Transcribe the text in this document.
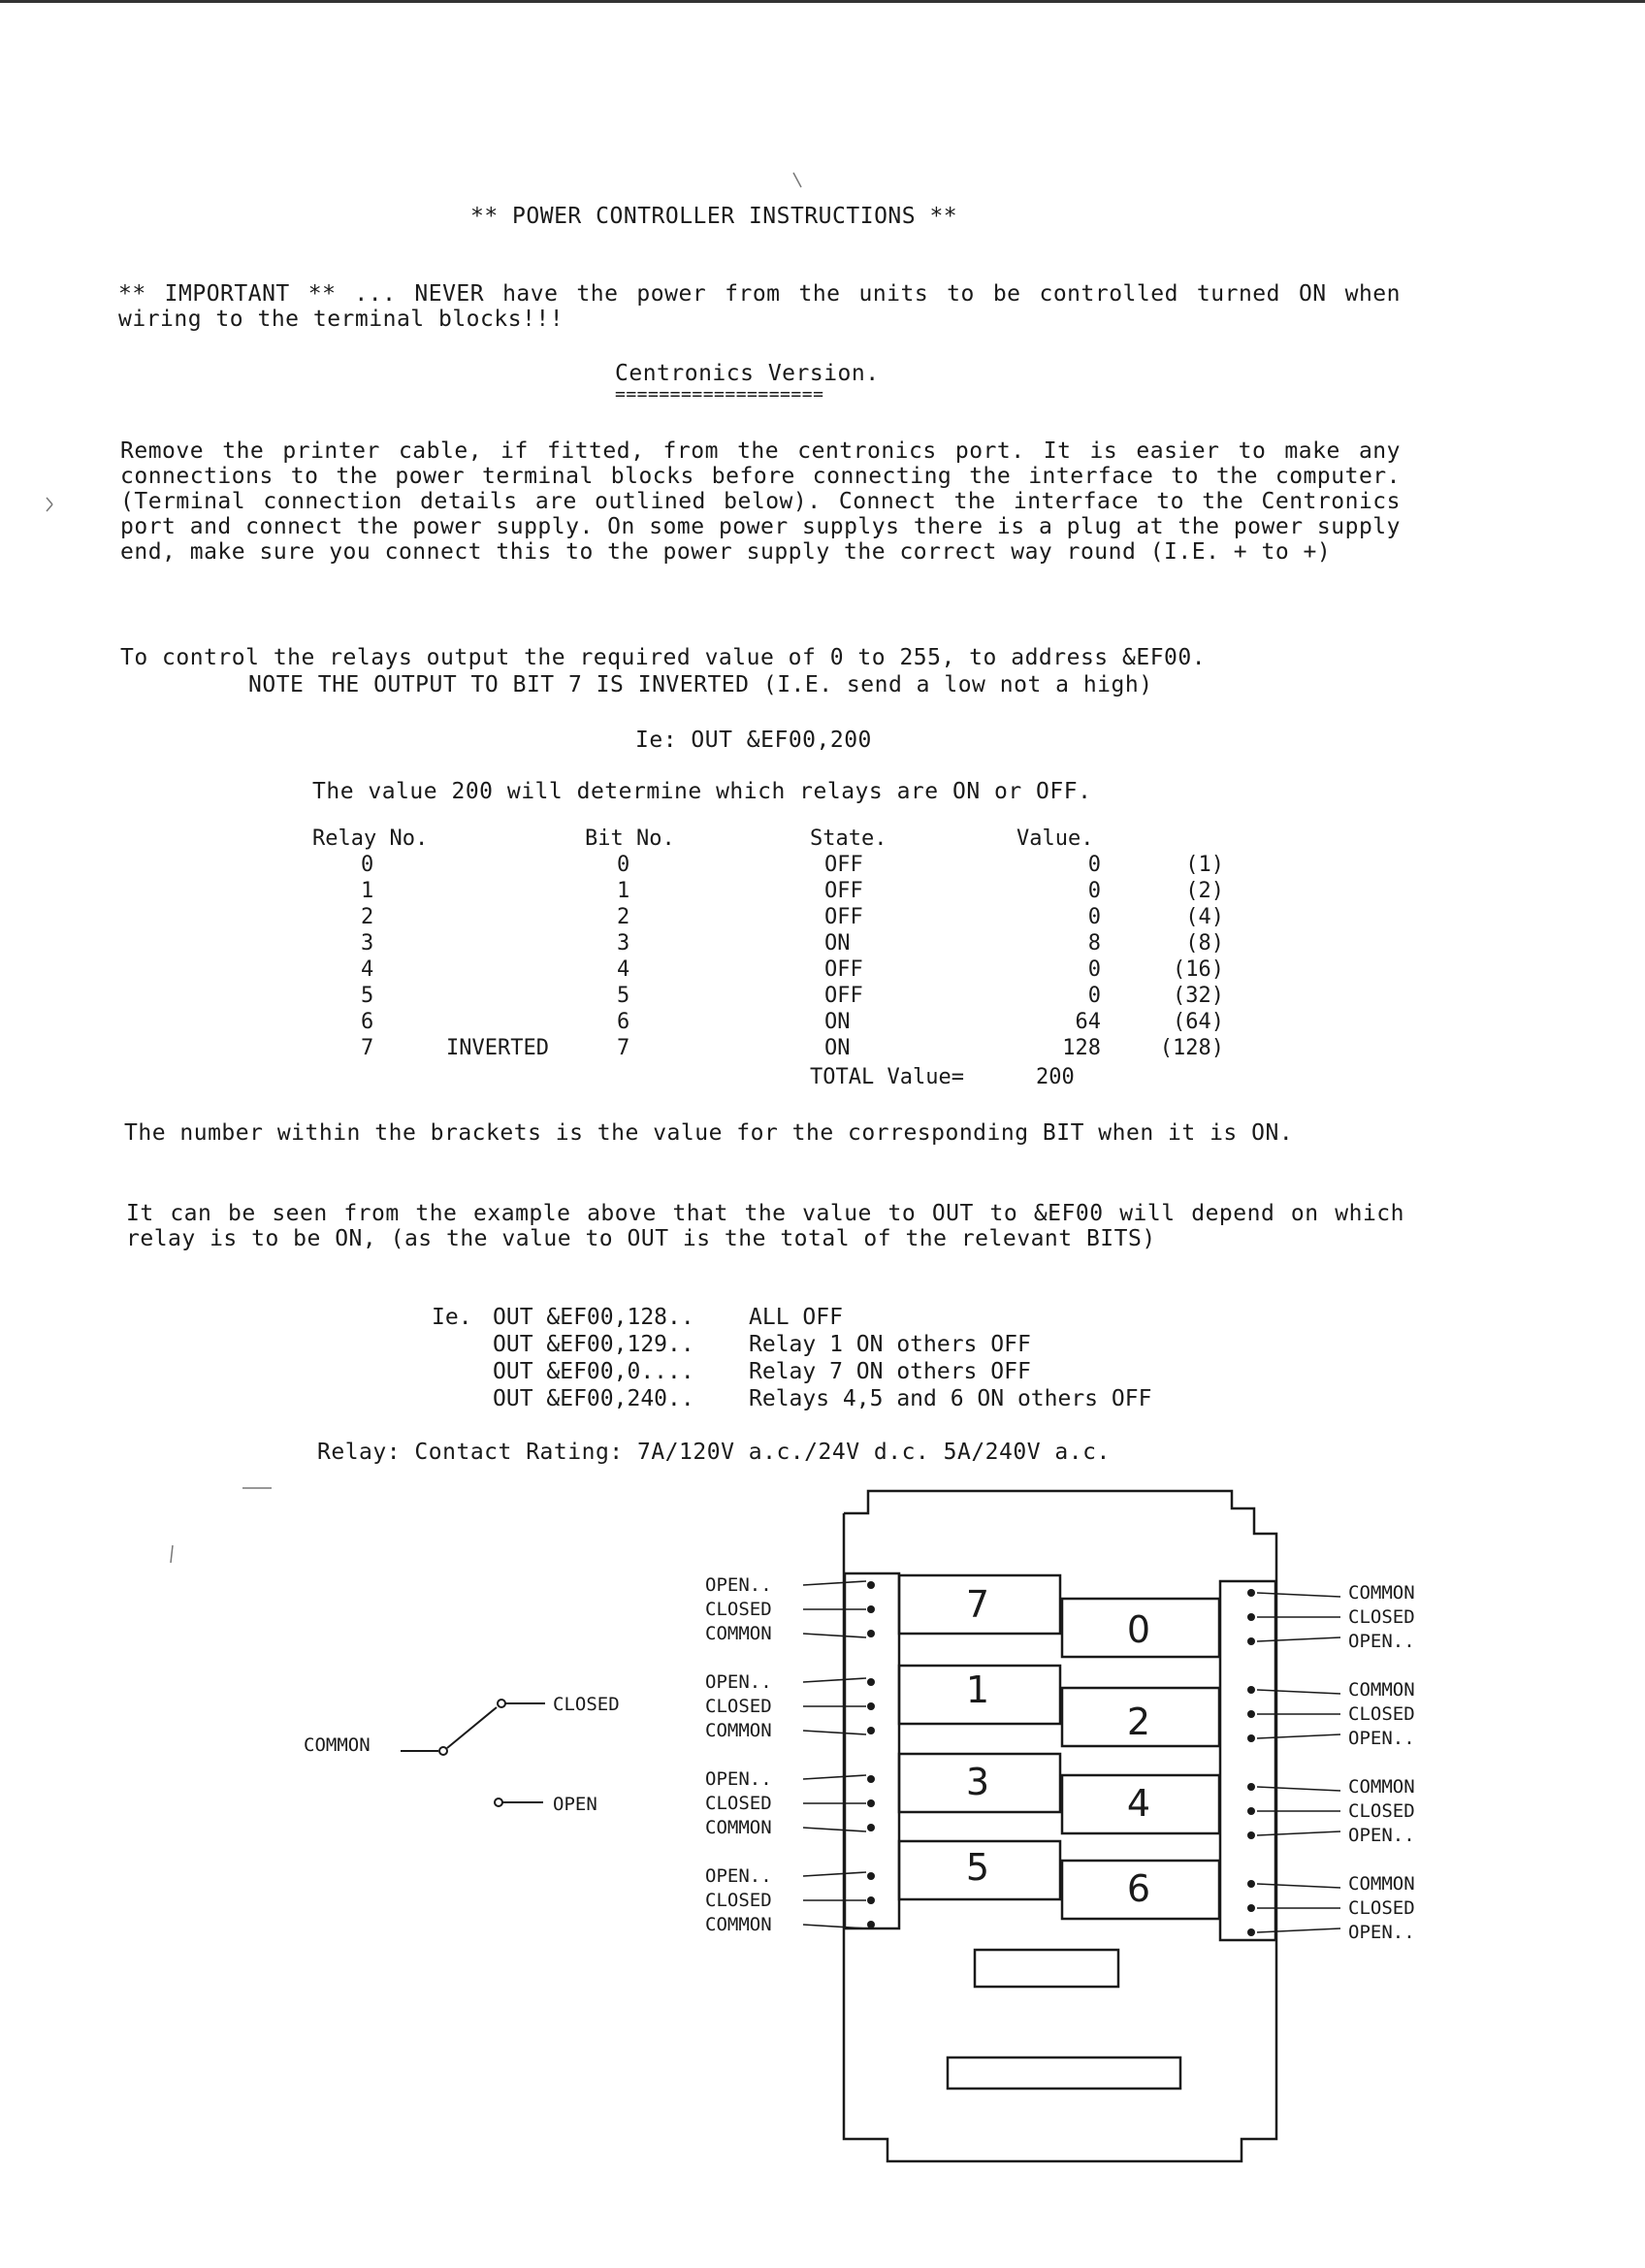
** POWER CONTROLLER INSTRUCTIONS **
** IMPORTANT ** ... NEVER have the power from the units to be controlled turned ON when wiring to the terminal blocks!!!
Centronics Version.
===================
Remove the printer cable, if fitted, from the centronics port. It is easier to make any connections to the power terminal blocks before connecting the interface to the computer. (Terminal connection details are outlined below). Connect the interface to the Centronics port and connect the power supply. On some power supplys there is a plug at the power supply end, make sure you connect this to the power supply the correct way round (I.E. + to +)
To control the relays output the required value of 0 to 255, to address &EF00.
NOTE THE OUTPUT TO BIT 7 IS INVERTED (I.E. send a low not a high)
Ie: OUT &EF00,200
The value 200 will determine which relays are ON or OFF.
Relay No.	Bit No.	State.	Value.
0	0	OFF	0	(1)
1	1	OFF	0	(2)
2	2	OFF	0	(4)
3	3	ON	8	(8)
4	4	OFF	0	(16)
5	5	OFF	0	(32)
6	6	ON	64	(64)
7	INVERTED	7	ON	128	(128)
TOTAL Value=	200
The number within the brackets is the value for the corresponding BIT when it is ON.
It can be seen from the example above that the value to OUT to &EF00 will depend on which relay is to be ON, (as the value to OUT is the total of the relevant BITS)
Ie. OUT &EF00,128.. ALL OFF
OUT &EF00,129.. Relay 1 ON others OFF
OUT &EF00,0.... Relay 7 ON others OFF
OUT &EF00,240.. Relays 4,5 and 6 ON others OFF
Relay: Contact Rating: 7A/120V a.c./24V d.c. 5A/240V a.c.
COMMON
CLOSED
OPEN
OPEN..
CLOSED
COMMON
OPEN..
CLOSED
COMMON
OPEN..
CLOSED
COMMON
OPEN..
CLOSED
COMMON
COMMON
CLOSED
OPEN..
COMMON
CLOSED
OPEN..
COMMON
CLOSED
OPEN..
COMMON
CLOSED
OPEN..
7
1
3
5
0
2
4
6
